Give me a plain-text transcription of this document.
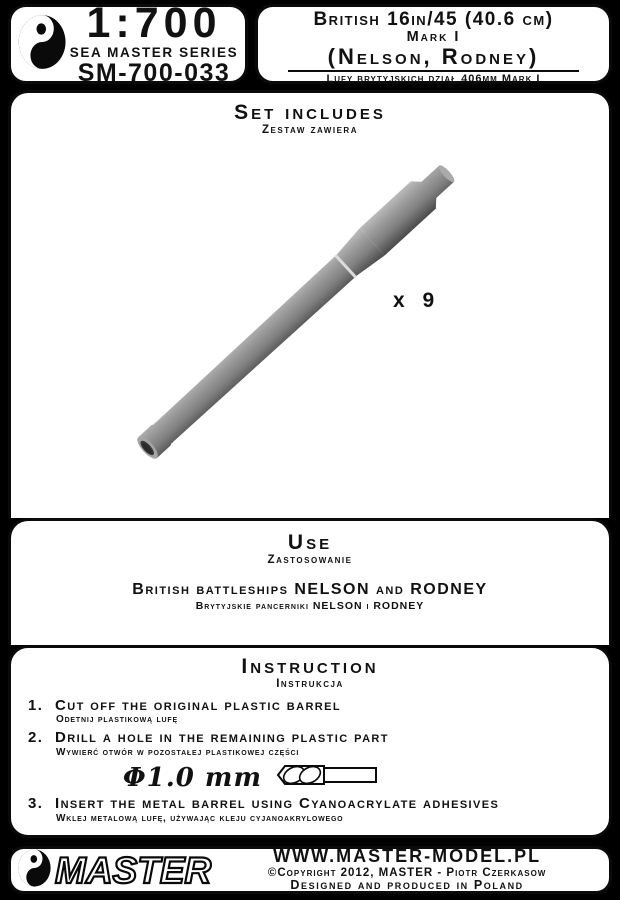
1:700
SEA MASTER SERIES
SM-700-033
British 16in/45 (40.6 cm)
Mark I
(Nelson, Rodney)
Lufy brytyjskich dział 406mm Mark I
Set includes
Zestaw zawiera
x 9
Use
Zastosowanie
British battleships NELSON and RODNEY
Brytyjskie pancerniki NELSON i RODNEY
Instruction
Instrukcja
1. Cut off the original plastic barrel
Odetnij plastikową lufę
2. Drill a hole in the remaining plastic part
Wywierć otwór w pozostałej plastikowej części
Φ1.0 mm
3. Insert the metal barrel using Cyanoacrylate adhesives
Wklej metalową lufę, używając kleju cyjanoakrylowego
MASTER	WWW.MASTER-MODEL.PL
©Copyright 2012, MASTER - Piotr Czerkasow
Designed and produced in Poland
